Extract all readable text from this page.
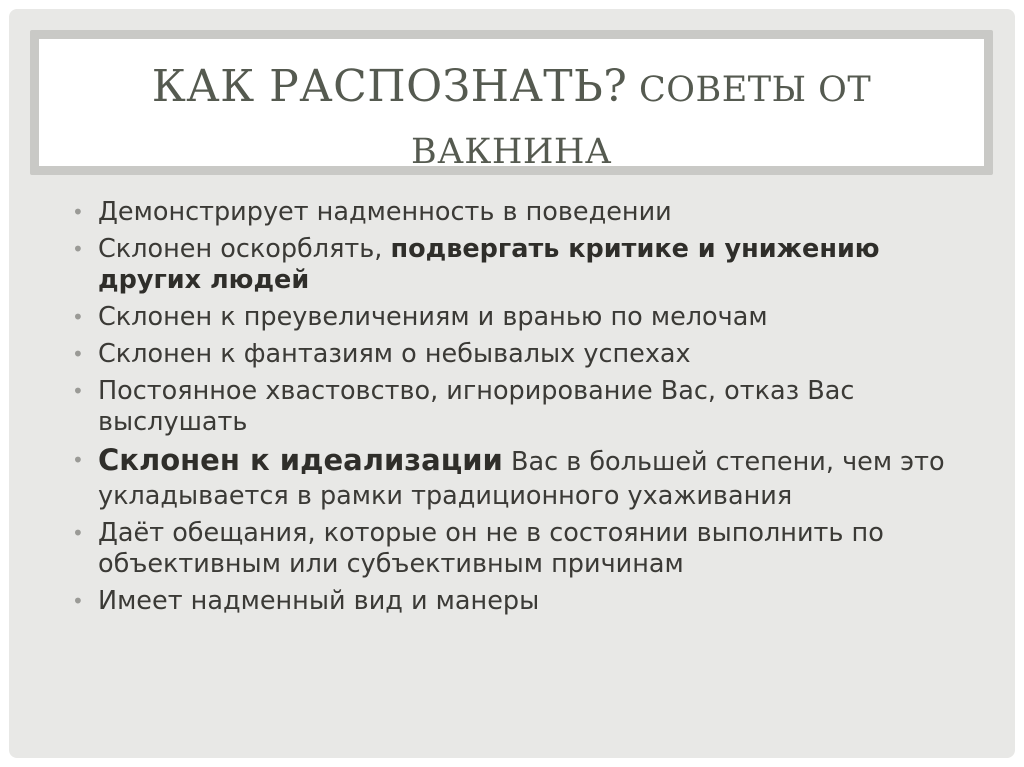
КАК РАСПОЗНАТЬ? СОВЕТЫ ОТ
ВАКНИНА
• Демонстрирует надменность в поведении
• Склонен оскорблять, подвергать критике и унижению других людей
• Склонен к преувеличениям и вранью по мелочам
• Склонен к фантазиям о небывалых успехах
• Постоянное хвастовство, игнорирование Вас, отказ Вас выслушать
• Склонен к идеализации Вас в большей степени, чем это укладывается в рамки традиционного ухаживания
• Даёт обещания, которые он не в состоянии выполнить по объективным или субъективным причинам
• Имеет надменный вид и манеры
